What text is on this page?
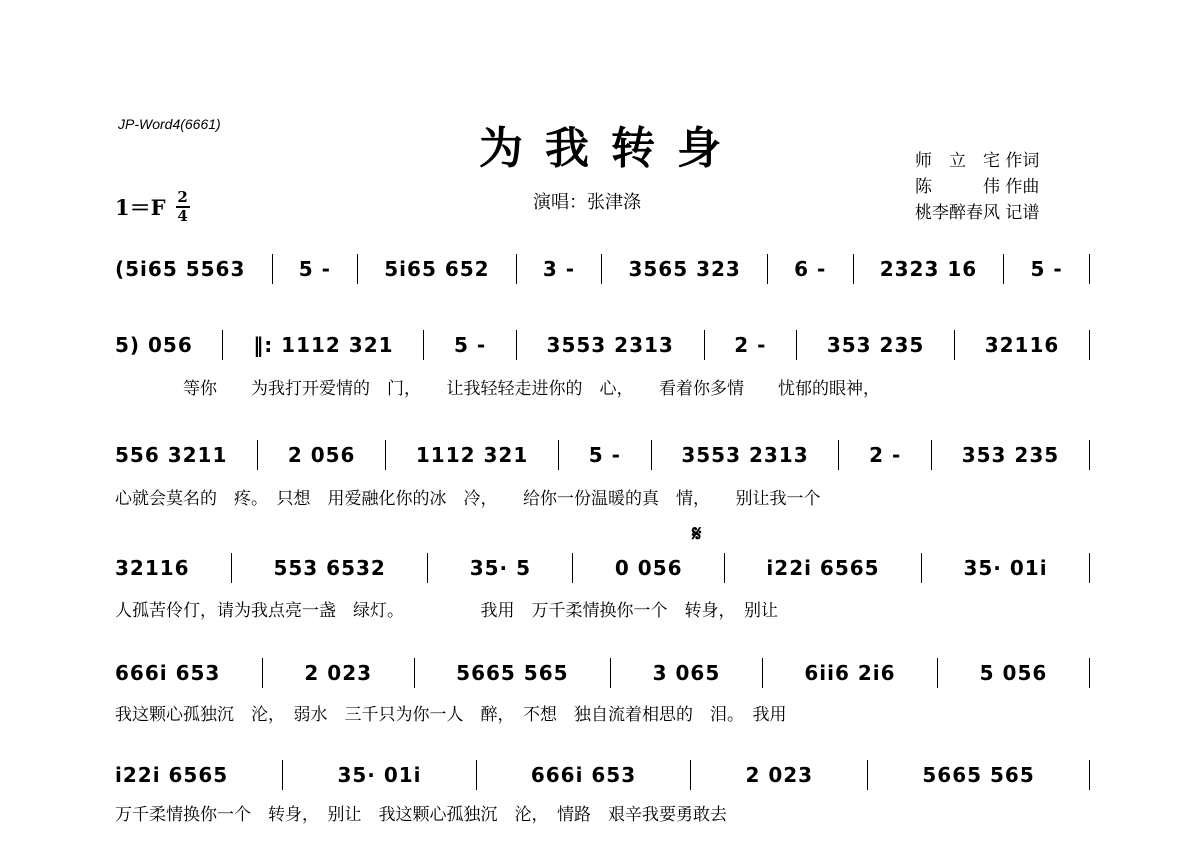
JP-Word4(6661)	为我转身
演唱：张津涤
1＝F 2
4
师　立　宅 作词
陈　　　伟 作曲
桃李醉春风 记谱
𝄋
(5i65 5563	5 -	5i65 652	3 -	3565 323	6 -	2323 16	5 -
5) 056	‖: 1112 321	5 -	3553 2313	2 -	353 235	32116
　　　　等你　　为我打开爱情的　门，　　让我轻轻走进你的　心，　　看着你多情　　忧郁的眼神，
556 3211	2 056	1112 321	5 -	3553 2313	2 -	353 235
心就会莫名的　疼。　只想　用爱融化你的冰　冷，　　给你一份温暖的真　情，　　别让我一个
32116	553 6532	35· 5	0 056	i22i 6565	35· 01i
人孤苦伶仃，请为我点亮一盏　绿灯。　　　　　我用　万千柔情换你一个　转身，　别让
666i 653	2 023	5665 565	3 065	6ii6 2i6	5 056
我这颗心孤独沉　沦，　弱水　三千只为你一人　醉，　不想　独自流着相思的　泪。　我用
i22i 6565	35· 01i	666i 653	2 023	5665 565
万千柔情换你一个　转身，　别让　我这颗心孤独沉　沦，　情路　艰辛我要勇敢去
